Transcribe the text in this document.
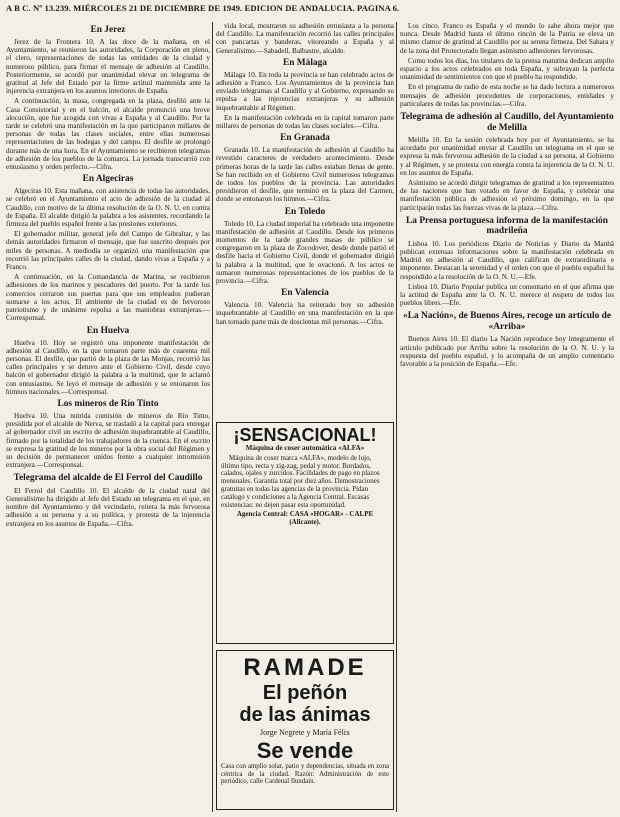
A B C. Nº 13.239. MIÉRCOLES 21 DE DICIEMBRE DE 1949. EDICION DE ANDALUCIA. PAGINA 6.
En Jerez

Jerez de la Frontera 10. A las doce de la mañana, en el Ayuntamiento, se reunieron las autoridades, la Corporación en pleno, el clero, representaciones de todas las entidades de la ciudad y numeroso público, para firmar el mensaje de adhesión al Caudillo. Posteriormente, se acordó por unanimidad elevar un telegrama de gratitud al Jefe del Estado por la firme actitud mantenida ante la injerencia extranjera en los asuntos interiores de España.

A continuación, la masa, congregada en la plaza, desfiló ante la Casa Consistorial y en el balcón, el alcalde pronunció una breve alocución, que fue acogida con vivas a España y al Caudillo. Por la tarde se celebró una manifestación en la que participaron millares de personas de todas las clases sociales, entre ellas numerosas representaciones de las bodegas y del campo. El desfile se prolongó durante más de una hora. En el Ayuntamiento se recibieron telegramas de adhesión de los pueblos de la comarca. La jornada transcurrió con entusiasmo y orden perfecto.—Cifra.

En Algeciras

Algeciras 10. Esta mañana, con asistencia de todas las autoridades, se celebró en el Ayuntamiento el acto de adhesión de la ciudad al Caudillo, con motivo de la última resolución de la O. N. U. en contra de España. El alcalde dirigió la palabra a los asistentes, recordando la firmeza del pueblo español frente a las presiones exteriores.

El gobernador militar, general jefe del Campo de Gibraltar, y las demás autoridades firmaron el mensaje, que fue suscrito después por miles de personas. A mediodía se organizó una manifestación que recorrió las principales calles de la ciudad, dando vivas a España y a Franco.

A continuación, en la Comandancia de Marina, se recibieron adhesiones de los marinos y pescadores del puerto. Por la tarde los comercios cerraron sus puertas para que sus empleados pudieran sumarse a los actos. El ambiente de la ciudad es de fervoroso patriotismo y de unánime repulsa a las maniobras extranjeras.—Corresponsal.

En Huelva

Huelva 10. Hoy se registró una imponente manifestación de adhesión al Caudillo, en la que tomaron parte más de cuarenta mil personas. El desfile, que partió de la plaza de las Monjas, recorrió las calles principales y se detuvo ante el Gobierno Civil, desde cuyo balcón el gobernador dirigió la palabra a la multitud, que le aclamó con entusiasmo. Se leyó el mensaje de adhesión y se entonaron los himnos nacionales.—Corresponsal.

Los mineros de Río Tinto

Huelva 10. Una nutrida comisión de mineros de Río Tinto, presidida por el alcalde de Nerva, se trasladó a la capital para entregar al gobernador civil un escrito de adhesión inquebrantable al Caudillo, firmado por la totalidad de los trabajadores de la cuenca. En el escrito se expresa la gratitud de los mineros por la obra social del Régimen y su decisión de permanecer unidos frente a cualquier intromisión extranjera.—Corresponsal.

Telegrama del alcalde de El Ferrol del Caudillo

El Ferrol del Caudillo 10. El alcalde de la ciudad natal del Generalísimo ha dirigido al Jefe del Estado un telegrama en el que, en nombre del Ayuntamiento y del vecindario, reitera la más fervorosa adhesión a su persona y a su política, y protesta de la injerencia extranjera en los asuntos de España.—Cifra.

vida local, mostraron su adhesión entusiasta a la persona del Caudillo. La manifestación recorrió las calles principales con pancartas y banderas, vitoreando a España y al Generalísimo.—Sabadell, Balbastre, alcalde.

En Málaga

Málaga 10. En toda la provincia se han celebrado actos de adhesión a Franco. Los Ayuntamientos de la provincia han enviado telegramas al Caudillo y al Gobierno, expresando su repulsa a las injerencias extranjeras y su adhesión inquebrantable al Régimen.

En la manifestación celebrada en la capital tomaron parte millares de personas de todas las clases sociales.—Cifra.

En Granada

Granada 10. La manifestación de adhesión al Caudillo ha revestido caracteres de verdadero acontecimiento. Desde primeras horas de la tarde las calles estaban llenas de gente. Se han recibido en el Gobierno Civil numerosos telegramas de todos los pueblos de la provincia. Las autoridades presidieron el desfile, que terminó en la plaza del Carmen, donde se entonaron los himnos.—Cifra.

En Toledo

Toledo 10. La ciudad imperial ha celebrado una imponente manifestación de adhesión al Caudillo. Desde los primeros momentos de la tarde grandes masas de público se congregaron en la plaza de Zocodover, desde donde partió el desfile hacia el Gobierno Civil, donde el gobernador dirigió la palabra a la multitud, que le ovacionó. A los actos se sumaron numerosas representaciones de los pueblos de la provincia.—Cifra.

En Valencia

Valencia 10. Valencia ha reiterado hoy su adhesión inquebrantable al Caudillo en una manifestación en la que han tomado parte más de doscientas mil personas.—Cifra.

¡SENSACIONAL!
Máquina de coser automática «ALFA»

Máquina de coser marca «ALFA», modelo de lujo, último tipo, recta y zig-zag, pedal y motor. Bordados, calados, ojales y zurcidos. Facilidades de pago en plazos mensuales. Garantía total por diez años. Demostraciones gratuitas en todas las agencias de la provincia. Pidan catálogo y condiciones a la Agencia Central. Escasas existencias: no dejen pasar esta oportunidad.

Agencia Central: CASA «HOGAR» - CALPE (Alicante).

RAMADE
El peñón
de las ánimas
Jorge Negrete y María Félix
Se vende
Casa con amplio solar, patio y dependencias, situada en zona céntrica de la ciudad. Razón: Administración de este periódico, calle Cardenal Ilundain.

Los cinco. Franco es España y el mundo lo sabe ahora mejor que nunca. Desde Madrid hasta el último rincón de la Patria se eleva un mismo clamor de gratitud al Caudillo por su serena firmeza. Del Sahara y de la zona del Protectorado llegan asimismo adhesiones fervorosas.

Como todos los días, los titulares de la prensa matutina dedican amplio espacio a los actos celebrados en toda España, y subrayan la perfecta unanimidad de sentimientos con que el pueblo ha respondido.

En el programa de radio de esta noche se ha dado lectura a numerosos mensajes de adhesión procedentes de corporaciones, entidades y particulares de todas las provincias.—Cifra.

Telegrama de adhesión al Caudillo, del Ayuntamiento de Melilla

Melilla 10. En la sesión celebrada hoy por el Ayuntamiento, se ha acordado por unanimidad enviar al Caudillo un telegrama en el que se expresa la más fervorosa adhesión de la ciudad a su persona, al Gobierno y al Régimen, y se protesta con energía contra la injerencia de la O. N. U. en los asuntos de España.

Asimismo se acordó dirigir telegramas de gratitud a los representantes de las naciones que han votado en favor de España, y celebrar una manifestación pública de adhesión el próximo domingo, en la que participarán todas las fuerzas vivas de la plaza.—Cifra.

La Prensa portuguesa informa de la manifestación madrileña

Lisboa 10. Los periódicos Diario de Noticias y Diario da Manhã publican extensas informaciones sobre la manifestación celebrada en Madrid en adhesión al Caudillo, que califican de extraordinaria e imponente. Destacan la serenidad y el orden con que el pueblo español ha respondido a la resolución de la O. N. U.—Efe.

Lisboa 10. Diario Popular publica un comentario en el que afirma que la actitud de España ante la O. N. U. merece el respeto de todos los pueblos libres.—Efe.

«La Nación», de Buenos Aires, recoge un artículo de «Arriba»

Buenos Aires 10. El diario La Nación reproduce hoy íntegramente el artículo publicado por Arriba sobre la resolución de la O. N. U. y la respuesta del pueblo español, y lo acompaña de un amplio comentario favorable a la posición de España.—Efe.
